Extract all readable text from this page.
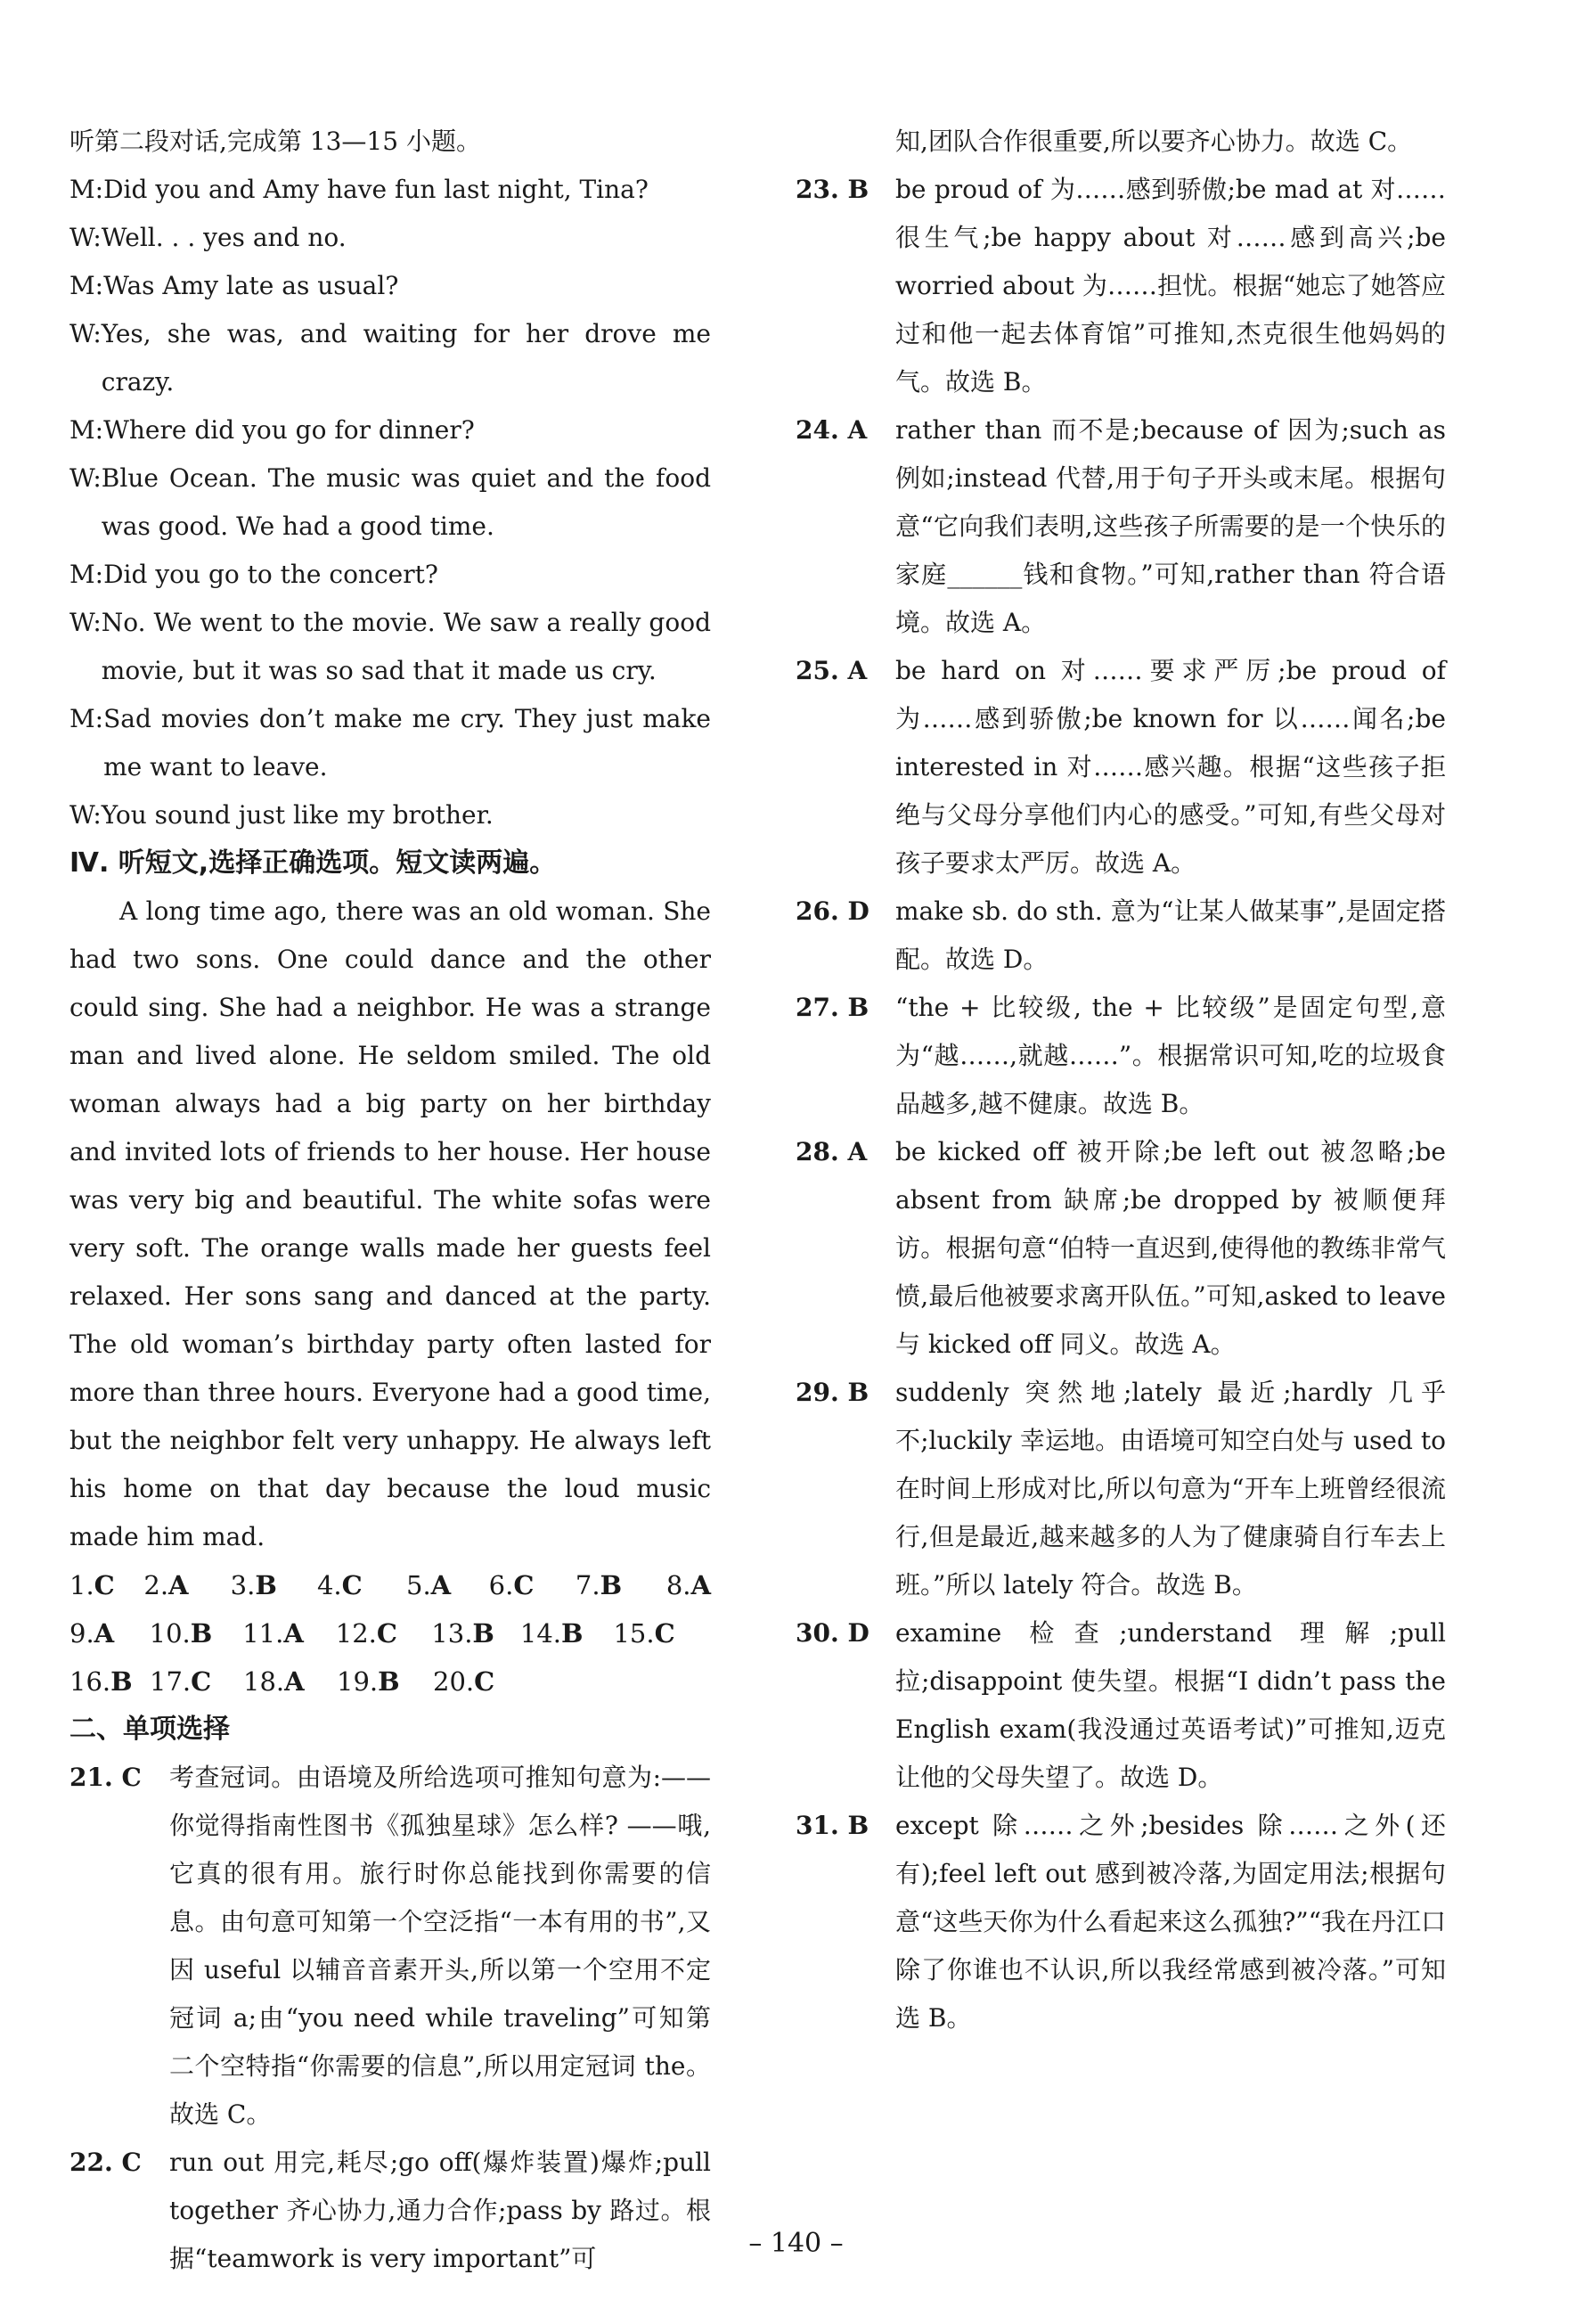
听第二段对话,完成第 13—15 小题。
M: Did you and Amy have fun last night, Tina?
W: Well. . . yes and no.
M: Was Amy late as usual?
W: Yes, she was, and waiting for her drove me crazy.
M: Where did you go for dinner?
W: Blue Ocean. The music was quiet and the food was good. We had a good time.
M: Did you go to the concert?
W: No. We went to the movie. We saw a really good movie, but it was so sad that it made us cry.
M: Sad movies don’t make me cry. They just make me want to leave.
W: You sound just like my brother.
Ⅳ. 听短文,选择正确选项。短文读两遍。

A long time ago, there was an old woman. She had two sons. One could dance and the other could sing. She had a neighbor. He was a strange man and lived alone. He seldom smiled. The old woman always had a big party on her birthday and invited lots of friends to her house. Her house was very big and beautiful. The white sofas were very soft. The orange walls made her guests feel relaxed. Her sons sang and danced at the party. The old woman’s birthday party often lasted for more than three hours. Everyone had a good time, but the neighbor felt very unhappy. He always left his home on that day because the loud music made him mad.

1.C	2.A	3.B	4.C	5.A	6.C	7.B	8.A
9.A	10.B	11.A	12.C	13.B 14.B	15.C
16.B 17.C	18.A	19.B	20.C
二、单项选择
21. C	考查冠词。由语境及所给选项可推知句意为:——你觉得指南性图书《孤独星球》怎么样? ——哦,它真的很有用。旅行时你总能找到你需要的信息。由句意可知第一个空泛指“一本有用的书”,又因 useful 以辅音音素开头,所以第一个空用不定冠词 a;由“you need while traveling”可知第二个空特指“你需要的信息”,所以用定冠词 the。故选 C。
22. C	run out 用完,耗尽;go off(爆炸装置)爆炸;pull together 齐心协力,通力合作;pass by 路过。根据“teamwork is very important”可
知,团队合作很重要,所以要齐心协力。故选 C。
23. B	be proud of 为……感到骄傲;be mad at 对……很生气;be happy about 对……感到高兴;be worried about 为……担忧。根据“她忘了她答应过和他一起去体育馆”可推知,杰克很生他妈妈的气。故选 B。
24. A	rather than 而不是;because of 因为;such as 例如;instead 代替,用于句子开头或末尾。根据句意“它向我们表明,这些孩子所需要的是一个快乐的家庭______钱和食物。”可知,rather than 符合语境。故选 A。
25. A	be hard on 对……要求严厉;be proud of 为……感到骄傲;be known for 以……闻名;be interested in 对……感兴趣。根据“这些孩子拒绝与父母分享他们内心的感受。”可知,有些父母对孩子要求太严厉。故选 A。
26. D	make sb. do sth. 意为“让某人做某事”,是固定搭配。故选 D。
27. B	“the + 比较级, the + 比较级”是固定句型,意为“越……,就越……”。根据常识可知,吃的垃圾食品越多,越不健康。故选 B。
28. A	be kicked off 被开除;be left out 被忽略;be absent from 缺席;be dropped by 被顺便拜访。根据句意“伯特一直迟到,使得他的教练非常气愤,最后他被要求离开队伍。”可知,asked to leave 与 kicked off 同义。故选 A。
29. B	suddenly 突然地;lately 最近;hardly 几乎不;luckily 幸运地。由语境可知空白处与 used to 在时间上形成对比,所以句意为“开车上班曾经很流行,但是最近,越来越多的人为了健康骑自行车去上班。”所以 lately 符合。故选 B。
30. D	examine 检查;understand 理解;pull 拉;disappoint 使失望。根据“I didn’t pass the English exam(我没通过英语考试)”可推知,迈克让他的父母失望了。故选 D。
31. B	except 除……之外;besides 除……之外(还有);feel left out 感到被冷落,为固定用法;根据句意“这些天你为什么看起来这么孤独?”“我在丹江口除了你谁也不认识,所以我经常感到被冷落。”可知选 B。
– 140 –
